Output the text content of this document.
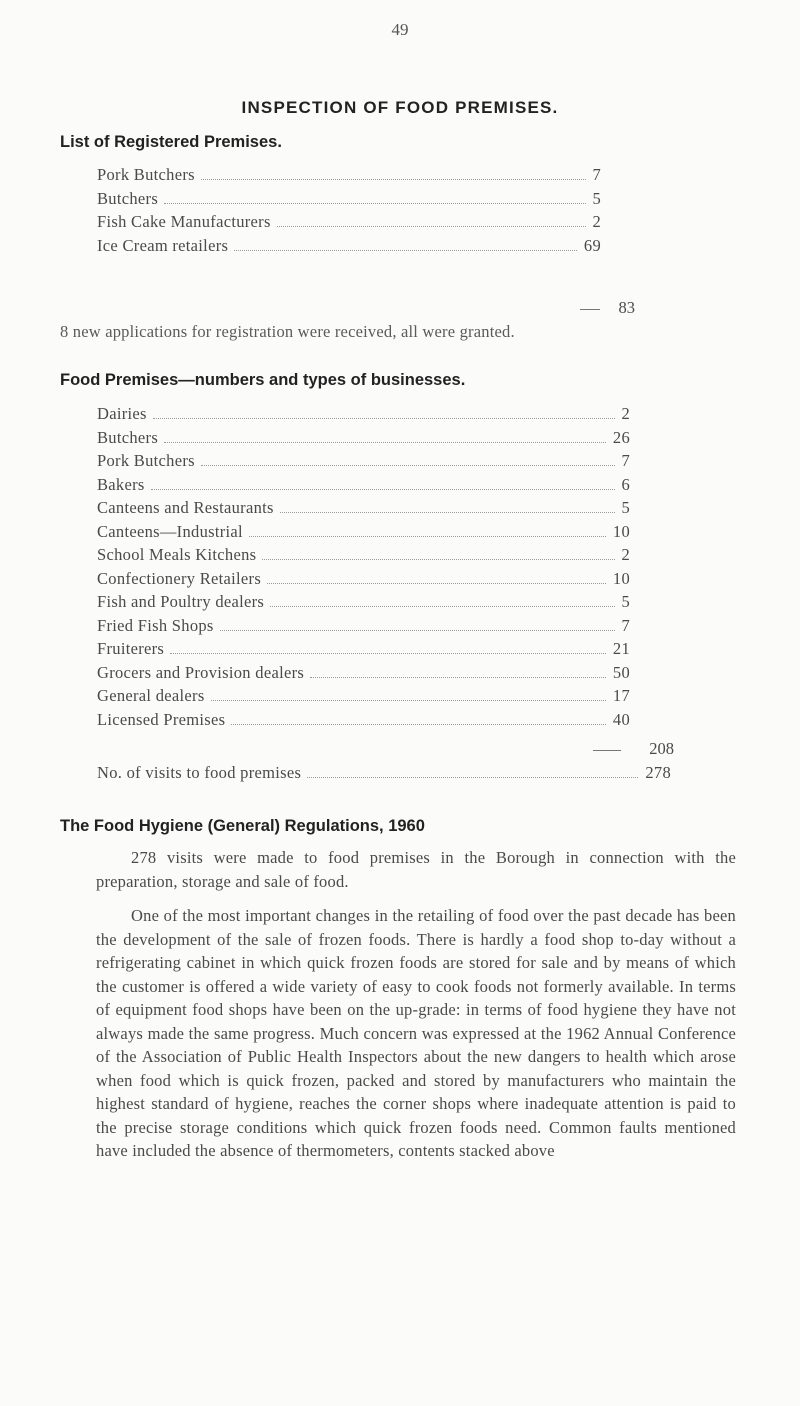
49
INSPECTION OF FOOD PREMISES.
List of Registered Premises.
Pork Butchers	7
Butchers	5
Fish Cake Manufacturers	2
Ice Cream retailers	69
83
8 new applications for registration were received, all were granted.
Food Premises—numbers and types of businesses.
Dairies	2
Butchers	26
Pork Butchers	7
Bakers	6
Canteens and Restaurants	5
Canteens—Industrial	10
School Meals Kitchens	2
Confectionery Retailers	10
Fish and Poultry dealers	5
Fried Fish Shops	7
Fruiterers	21
Grocers and Provision dealers	50
General dealers	17
Licensed Premises	40
208
No. of visits to food premises	278
The Food Hygiene (General) Regulations, 1960
278 visits were made to food premises in the Borough in connection with the preparation, storage and sale of food.
One of the most important changes in the retailing of food over the past decade has been the development of the sale of frozen foods. There is hardly a food shop to-day without a refrigerating cabinet in which quick frozen foods are stored for sale and by means of which the customer is offered a wide variety of easy to cook foods not formerly available. In terms of equipment food shops have been on the up-grade: in terms of food hygiene they have not always made the same progress. Much concern was expressed at the 1962 Annual Conference of the Association of Public Health Inspectors about the new dangers to health which arose when food which is quick frozen, packed and stored by manufacturers who maintain the highest standard of hygiene, reaches the corner shops where inadequate attention is paid to the precise storage conditions which quick frozen foods need. Common faults mentioned have included the absence of thermometers, contents stacked above
